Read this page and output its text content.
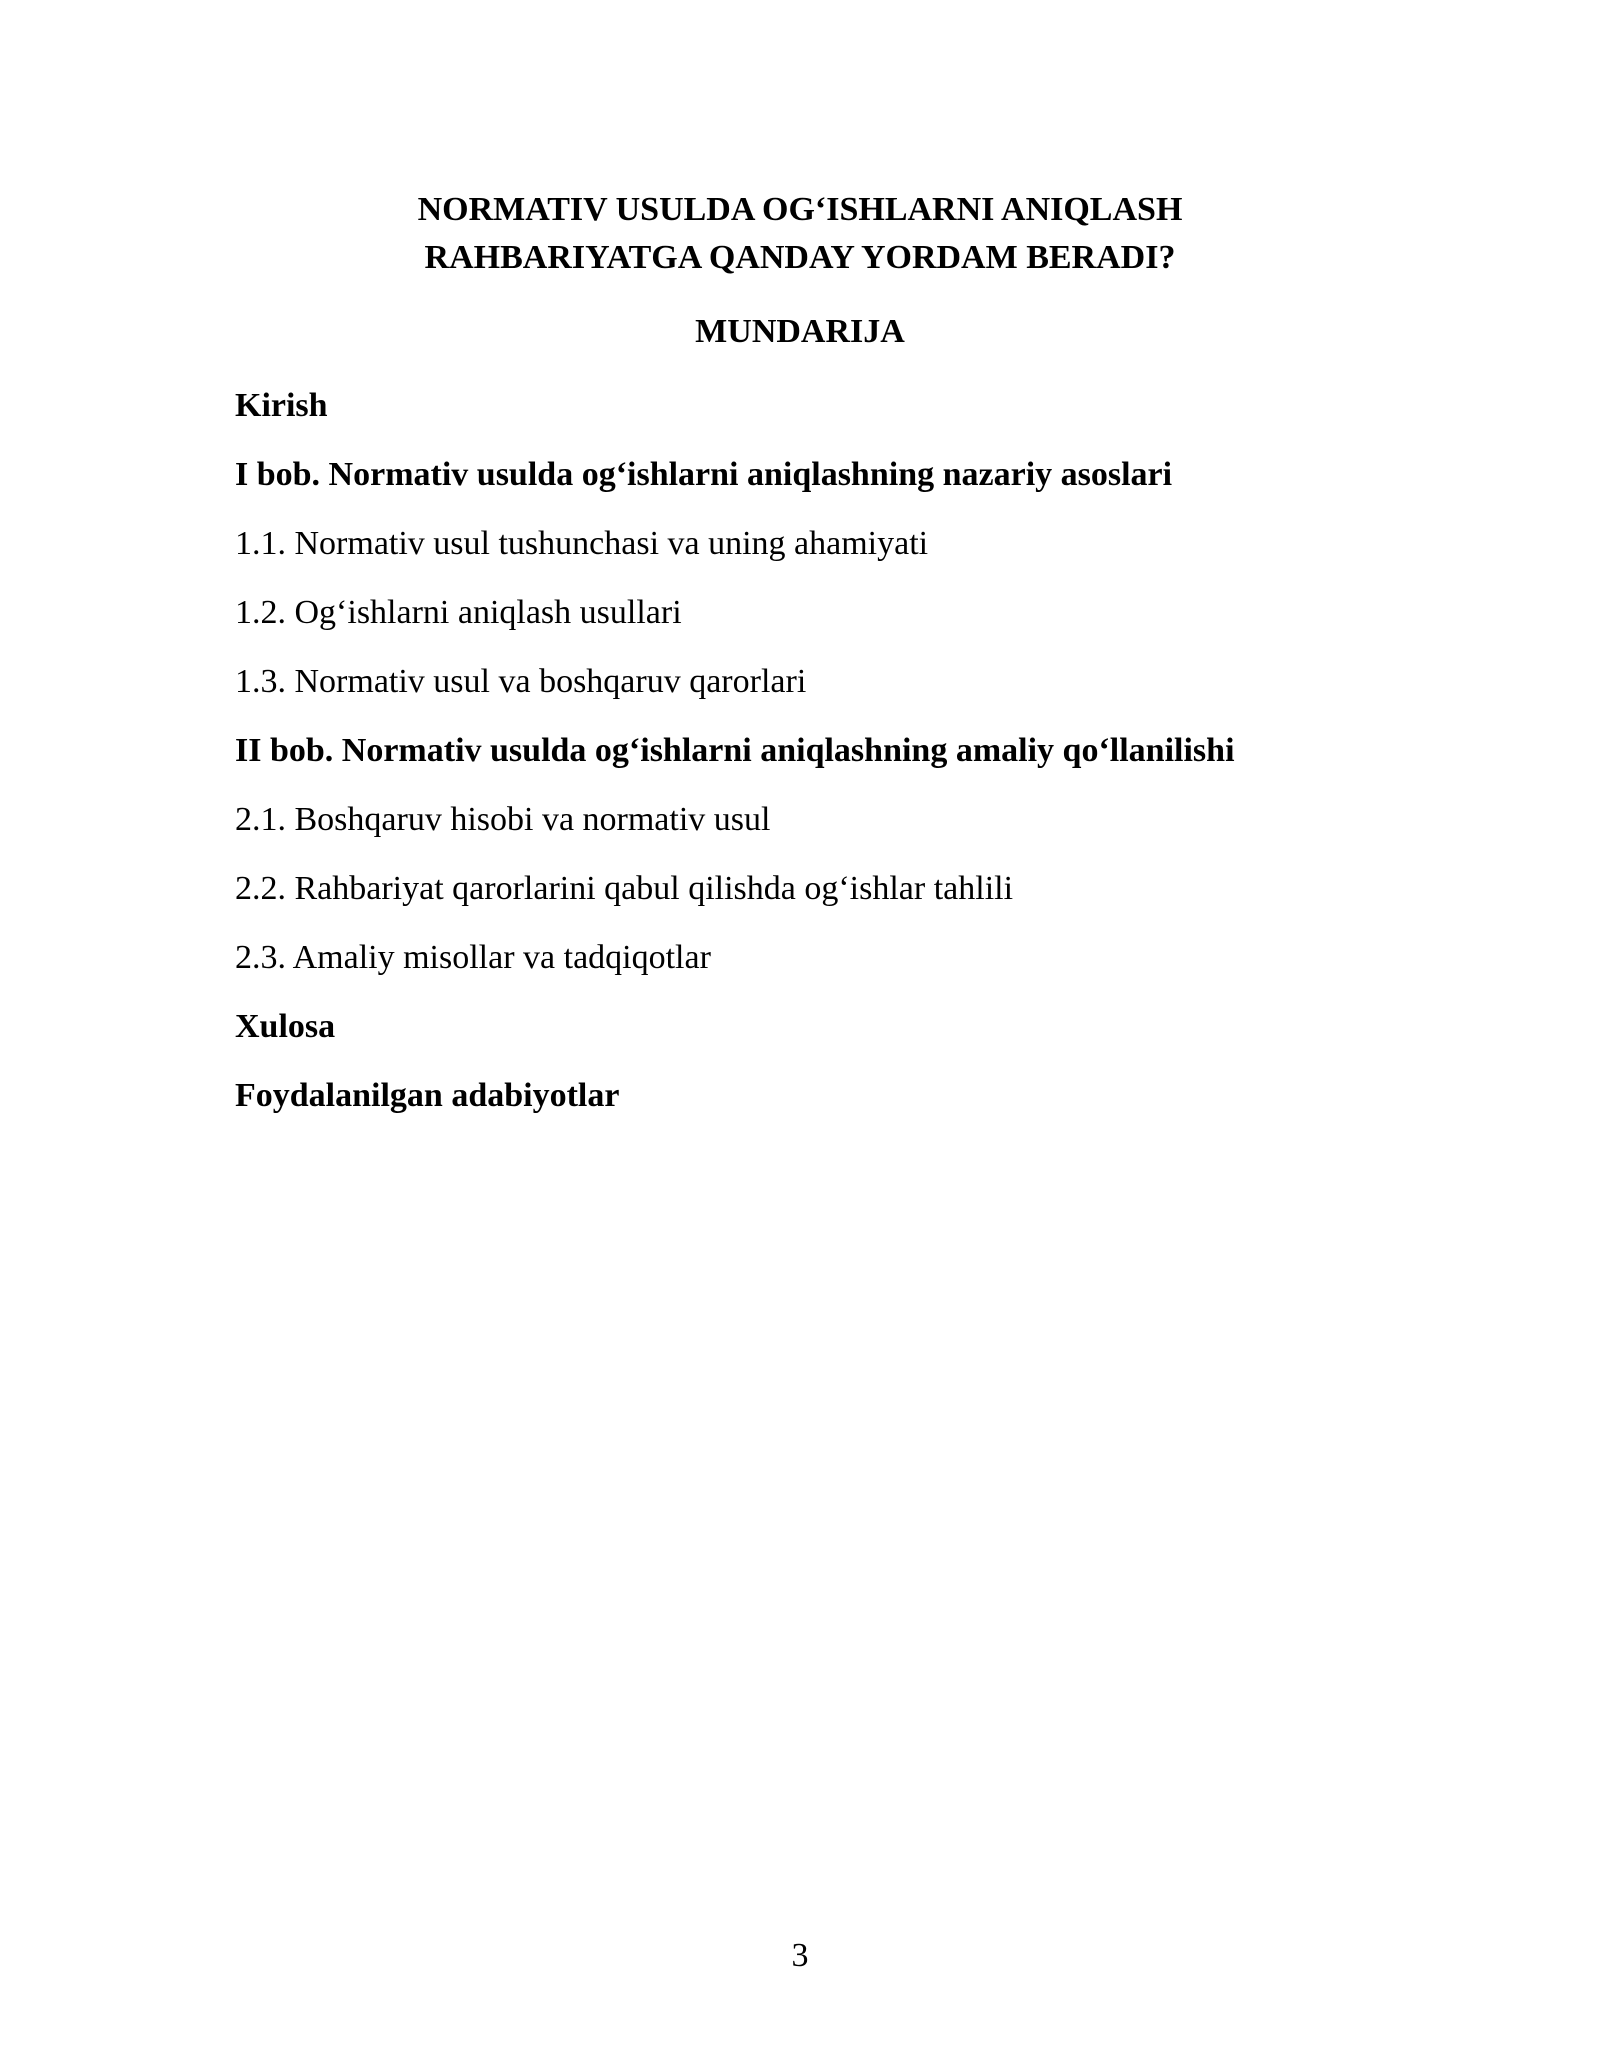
NORMATIV USULDA OG‘ISHLARNI ANIQLASH
RAHBARIYATGA QANDAY YORDAM BERADI?
MUNDARIJA
Kirish
I bob. Normativ usulda og‘ishlarni aniqlashning nazariy asoslari
1.1. Normativ usul tushunchasi va uning ahamiyati
1.2. Og‘ishlarni aniqlash usullari
1.3. Normativ usul va boshqaruv qarorlari
II bob. Normativ usulda og‘ishlarni aniqlashning amaliy qo‘llanilishi
2.1. Boshqaruv hisobi va normativ usul
2.2. Rahbariyat qarorlarini qabul qilishda og‘ishlar tahlili
2.3. Amaliy misollar va tadqiqotlar
Xulosa
Foydalanilgan adabiyotlar
3
